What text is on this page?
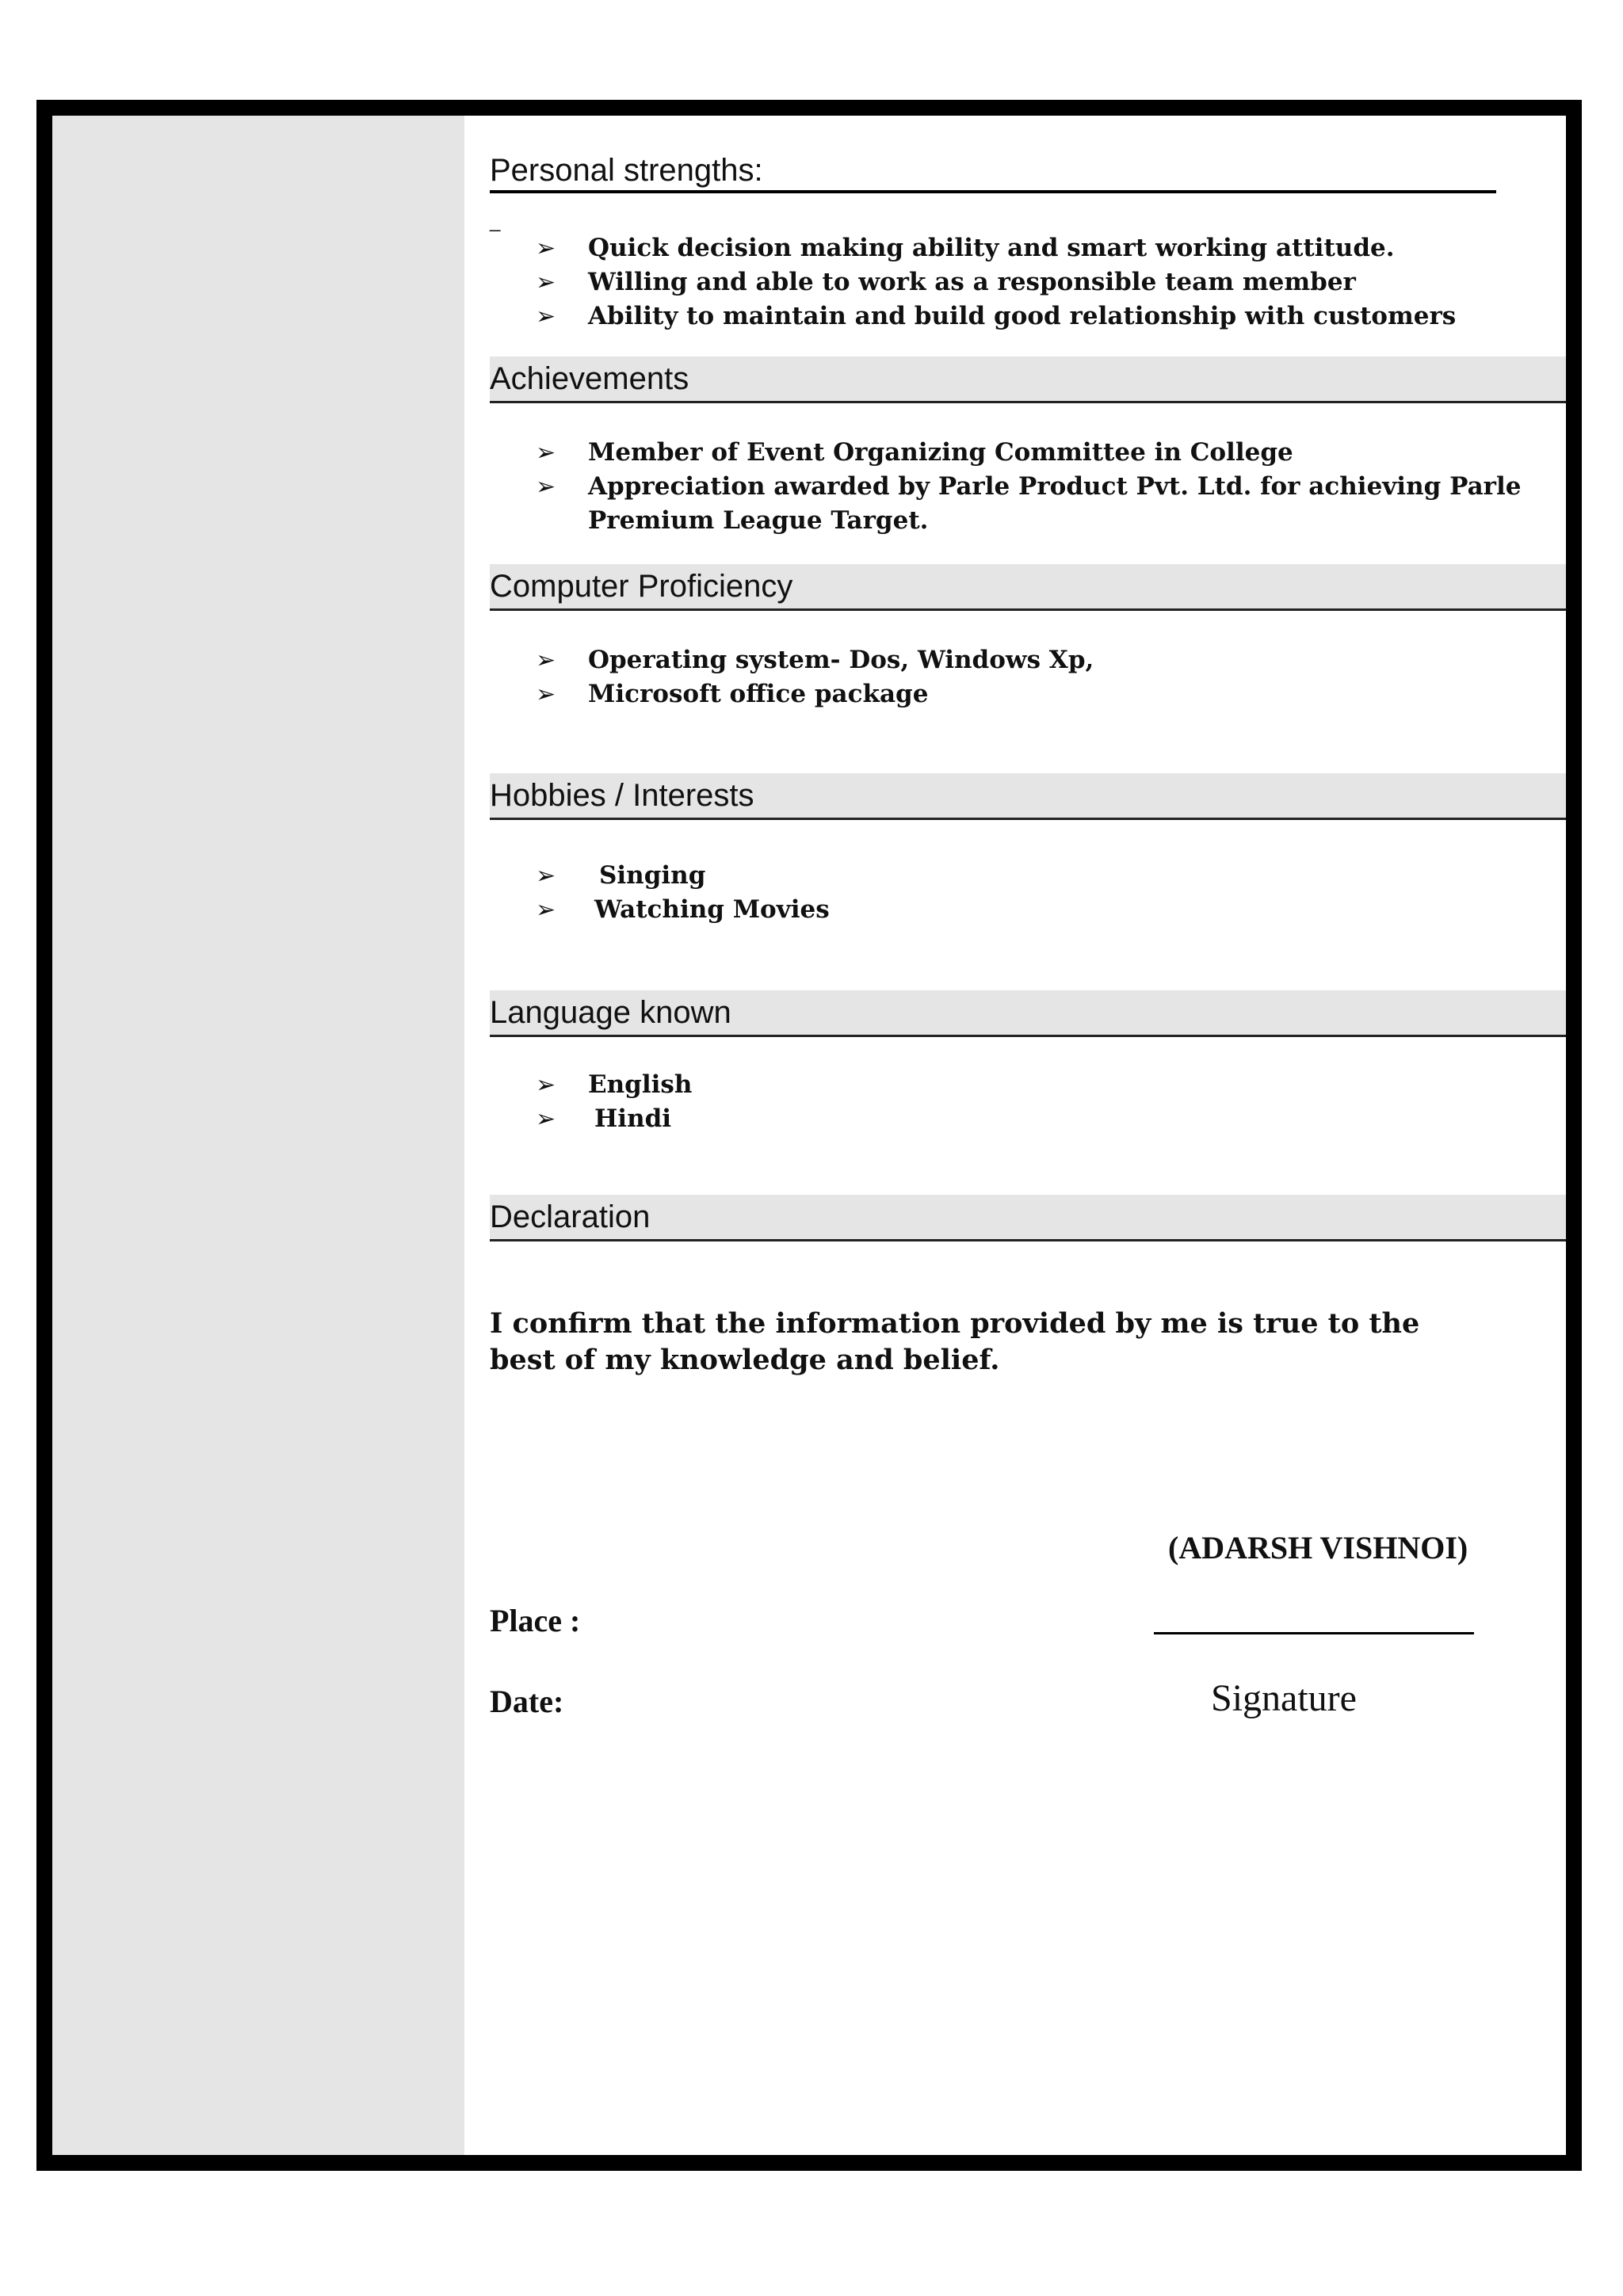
Personal strengths:
_
➢ Quick decision making ability and smart working attitude.
➢ Willing and able to work as a responsible team member
➢ Ability to maintain and build good relationship with customers
Achievements
➢ Member of Event Organizing Committee in College
➢ Appreciation awarded by Parle Product Pvt. Ltd. for achieving Parle Premium League Target.
Computer Proficiency
➢ Operating system- Dos, Windows Xp,
➢ Microsoft office package
Hobbies / Interests
➢ Singing
➢ Watching Movies
Language known
➢ English
➢ Hindi
Declaration
I confirm that the information provided by me is true to the best of my knowledge and belief.
(ADARSH VISHNOI)
Place :
Date:	Signature
